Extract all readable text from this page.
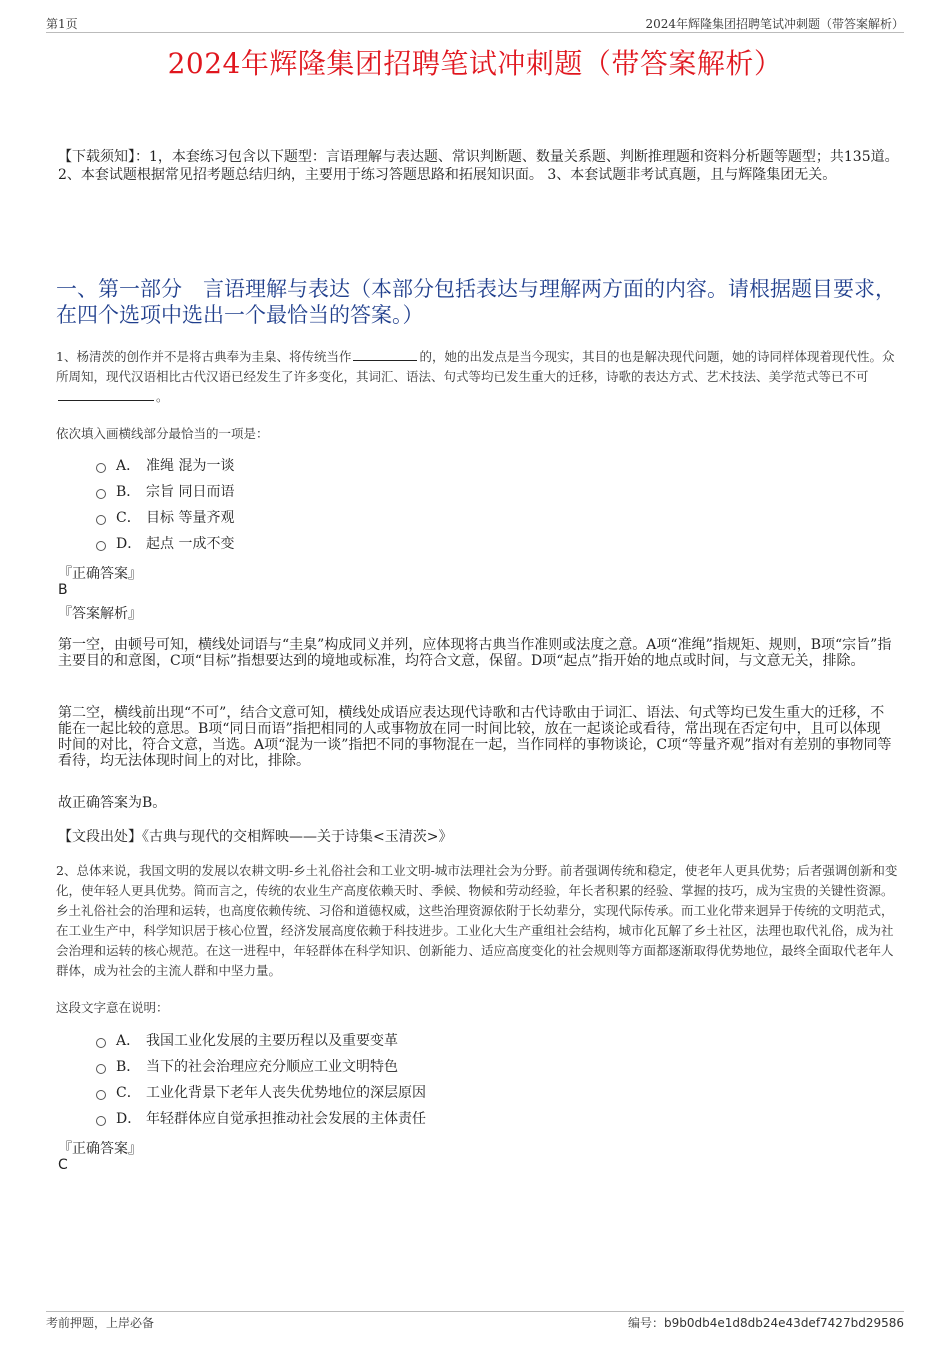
第1页	2024年辉隆集团招聘笔试冲刺题（带答案解析）
2024年辉隆集团招聘笔试冲刺题（带答案解析）
【下载须知】：1，本套练习包含以下题型：言语理解与表达题、常识判断题、数量关系题、判断推理题和资料分析题等题型；共135道。 2、本套试题根据常见招考题总结归纳，主要用于练习答题思路和拓展知识面。 3、本套试题非考试真题，且与辉隆集团无关。
一、第一部分　言语理解与表达（本部分包括表达与理解两方面的内容。请根据题目要求，在四个选项中选出一个最恰当的答案。）
1、杨清茨的创作并不是将古典奉为圭臬、将传统当作	的，她的出发点是当今现实，其目的也是解决现代问题，她的诗同样体现着现代性。众所周知，现代汉语相比古代汉语已经发生了许多变化，其词汇、语法、句式等均已发生重大的迁移，诗歌的表达方式、艺术技法、美学范式等已不可。
依次填入画横线部分最恰当的一项是：
A． 准绳 混为一谈
B． 宗旨 同日而语
C． 目标 等量齐观
D． 起点 一成不变
『正确答案』
B
『答案解析』

第一空，由顿号可知，横线处词语与“圭臬”构成同义并列，应体现将古典当作准则或法度之意。A项“准绳”指规矩、规则，B项“宗旨”指主要目的和意图，C项“目标”指想要达到的境地或标准，均符合文意，保留。D项“起点”指开始的地点或时间，与文意无关，排除。

第二空，横线前出现“不可”，结合文意可知，横线处成语应表达现代诗歌和古代诗歌由于词汇、语法、句式等均已发生重大的迁移，不能在一起比较的意思。B项“同日而语”指把相同的人或事物放在同一时间比较，放在一起谈论或看待，常出现在否定句中，且可以体现时间的对比，符合文意，当选。A项“混为一谈”指把不同的事物混在一起，当作同样的事物谈论，C项“等量齐观”指对有差别的事物同等看待，均无法体现时间上的对比，排除。

故正确答案为B。

【文段出处】《古典与现代的交相辉映——关于诗集<玉清茨>》

2、总体来说，我国文明的发展以农耕文明-乡土礼俗社会和工业文明-城市法理社会为分野。前者强调传统和稳定，使老年人更具优势；后者强调创新和变化，使年轻人更具优势。简而言之，传统的农业生产高度依赖天时、季候、物候和劳动经验，年长者积累的经验、掌握的技巧，成为宝贵的关键性资源。乡土礼俗社会的治理和运转，也高度依赖传统、习俗和道德权威，这些治理资源依附于长幼辈分，实现代际传承。而工业化带来迥异于传统的文明范式，在工业生产中，科学知识居于核心位置，经济发展高度依赖于科技进步。工业化大生产重组社会结构，城市化瓦解了乡土社区，法理也取代礼俗，成为社会治理和运转的核心规范。在这一进程中，年轻群体在科学知识、创新能力、适应高度变化的社会规则等方面都逐渐取得优势地位，最终全面取代老年人群体，成为社会的主流人群和中坚力量。
这段文字意在说明：
A． 我国工业化发展的主要历程以及重要变革
B． 当下的社会治理应充分顺应工业文明特色
C． 工业化背景下老年人丧失优势地位的深层原因
D． 年轻群体应自觉承担推动社会发展的主体责任
『正确答案』
C
考前押题，上岸必备	编号：b9b0db4e1d8db24e43def7427bd29586
